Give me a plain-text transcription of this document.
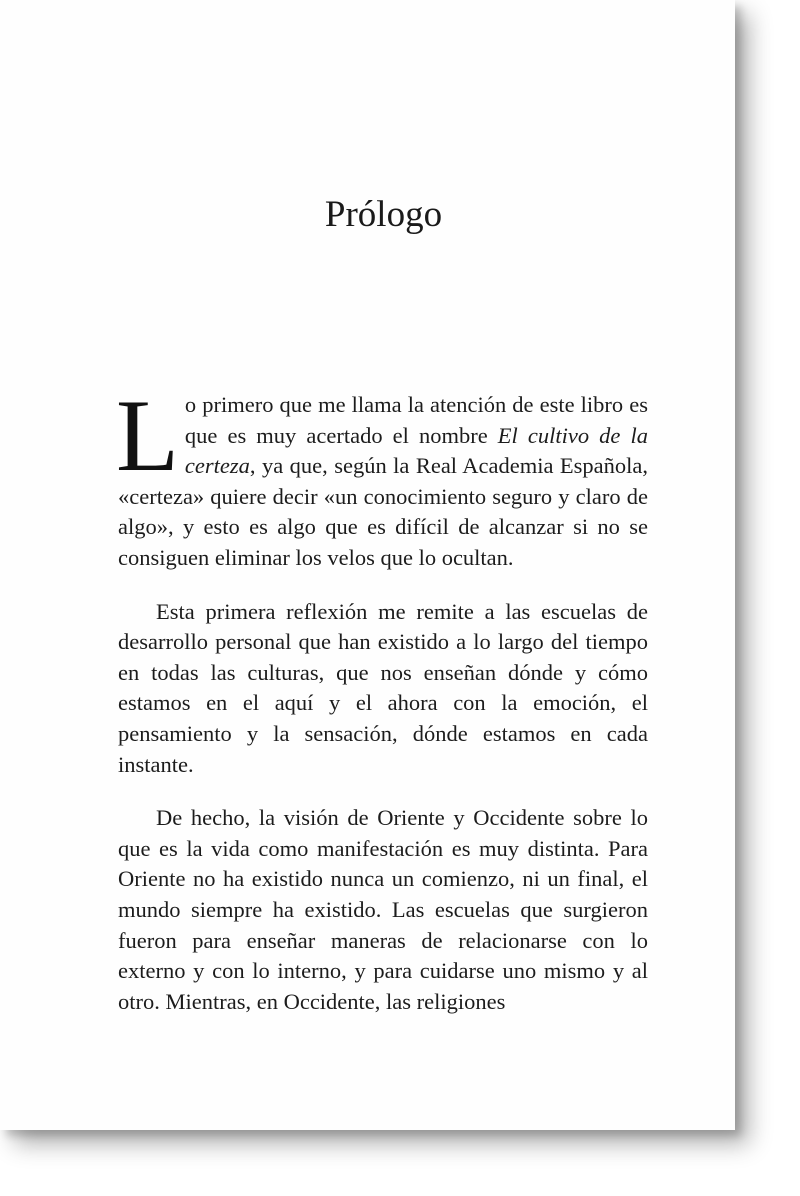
Prólogo

Lo primero que me llama la atención de este libro es que es muy acertado el nombre El cultivo de la certeza, ya que, según la Real Academia Española, «certeza» quiere decir «un conocimiento seguro y claro de algo», y esto es algo que es difícil de alcanzar si no se consiguen eliminar los velos que lo ocultan.

Esta primera reflexión me remite a las escuelas de desarrollo personal que han existido a lo largo del tiempo en todas las culturas, que nos enseñan dónde y cómo estamos en el aquí y el ahora con la emoción, el pensamiento y la sensación, dónde estamos en cada instante.

De hecho, la visión de Oriente y Occidente sobre lo que es la vida como manifestación es muy distinta. Para Oriente no ha existido nunca un comienzo, ni un final, el mundo siempre ha existido. Las escuelas que surgieron fueron para enseñar maneras de relacionarse con lo externo y con lo interno, y para cuidarse uno mismo y al otro. Mientras, en Occidente, las religiones
